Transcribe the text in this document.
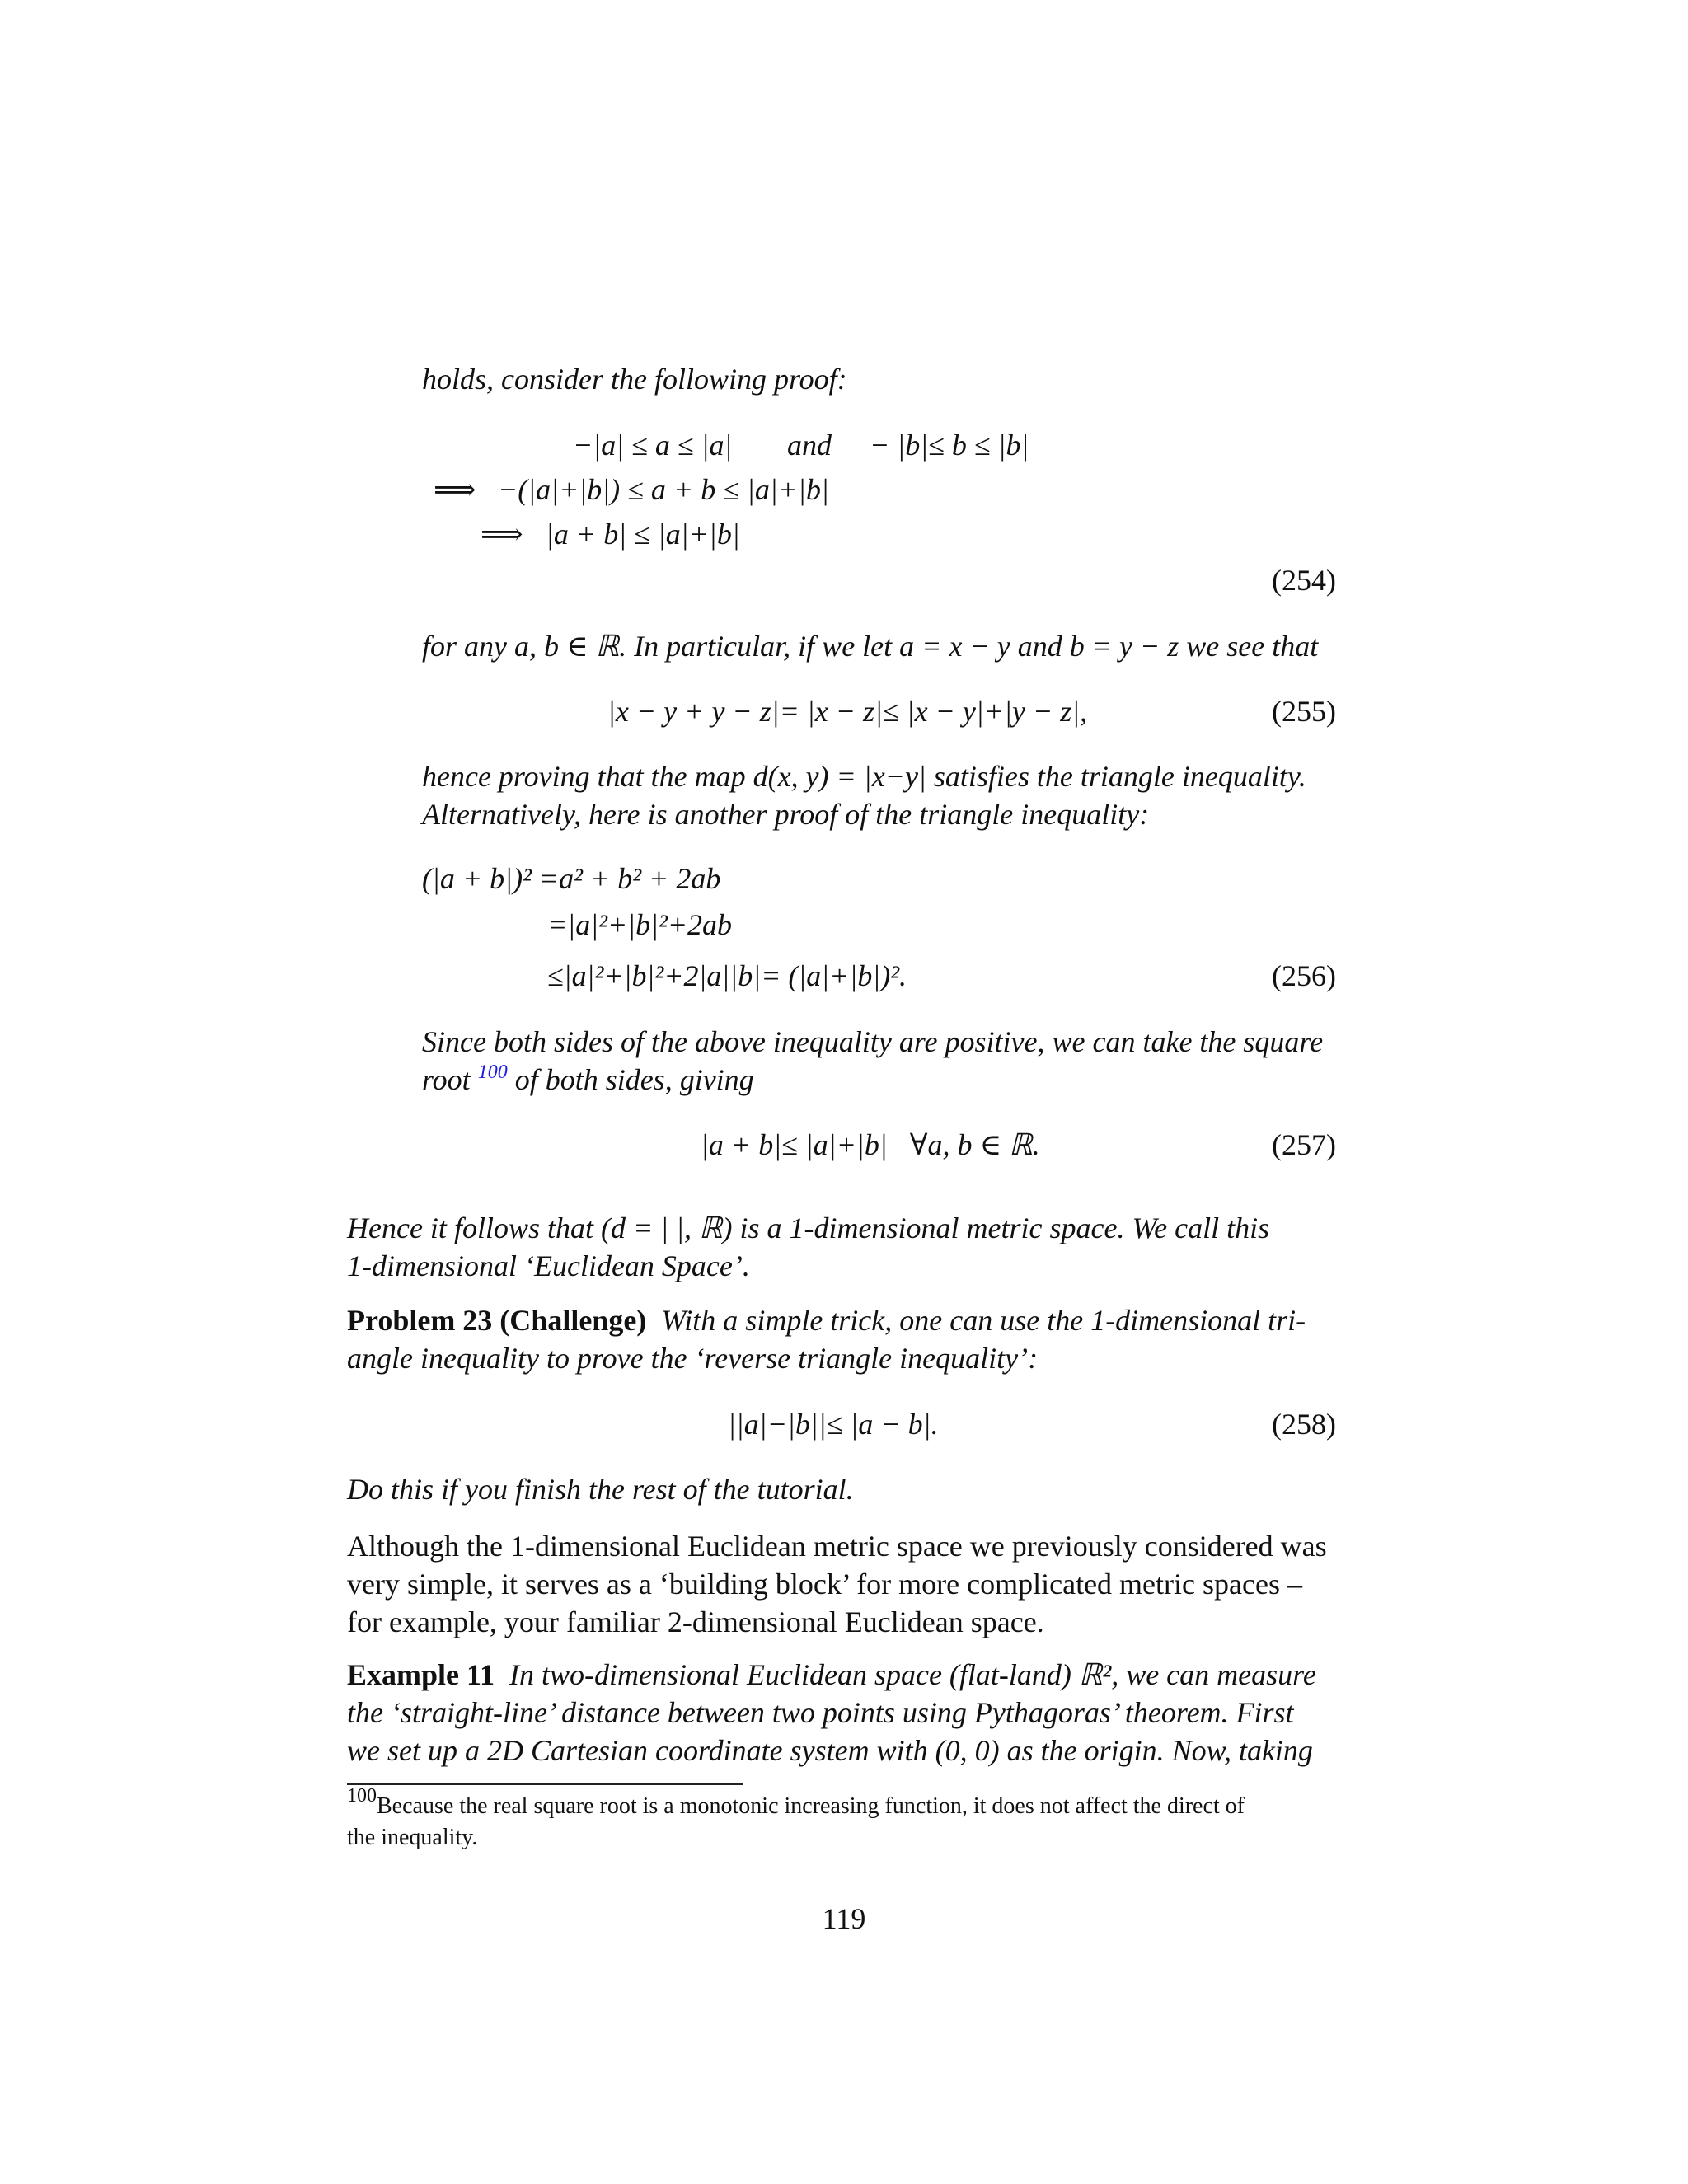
holds, consider the following proof:
−|a| ≤ a ≤ |a| and − |b|≤ b ≤ |b|
⟹ −(|a|+|b|) ≤ a + b ≤ |a|+|b|
⟹ |a + b| ≤ |a|+|b|
(254)
for any a, b ∈ ℝ. In particular, if we let a = x − y and b = y − z we see that
|x − y + y − z|= |x − z|≤ |x − y|+|y − z|,	(255)
hence proving that the map d(x, y) = |x−y| satisfies the triangle inequality.
Alternatively, here is another proof of the triangle inequality:
(|a + b|)² =a² + b² + 2ab
=|a|²+|b|²+2ab
≤|a|²+|b|²+2|a||b|= (|a|+|b|)².	(256)
Since both sides of the above inequality are positive, we can take the square
root $^{100}$ of both sides, giving
|a + b|≤ |a|+|b|   ∀a, b ∈ ℝ.	(257)
Hence it follows that (d = | |, ℝ) is a 1-dimensional metric space. We call this
1-dimensional ‘Euclidean Space’.
Problem 23 (Challenge) With a simple trick, one can use the 1-dimensional tri-
angle inequality to prove the ‘reverse triangle inequality’:
||a|−|b||≤ |a − b|.	(258)
Do this if you finish the rest of the tutorial.
Although the 1-dimensional Euclidean metric space we previously considered was
very simple, it serves as a ‘building block’ for more complicated metric spaces –
for example, your familiar 2-dimensional Euclidean space.
Example 11 In two-dimensional Euclidean space (flat-land) ℝ², we can measure
the ‘straight-line’ distance between two points using Pythagoras’ theorem. First
we set up a 2D Cartesian coordinate system with (0, 0) as the origin. Now, taking
$^{100}$Because the real square root is a monotonic increasing function, it does not affect the direct of
the inequality.
119
